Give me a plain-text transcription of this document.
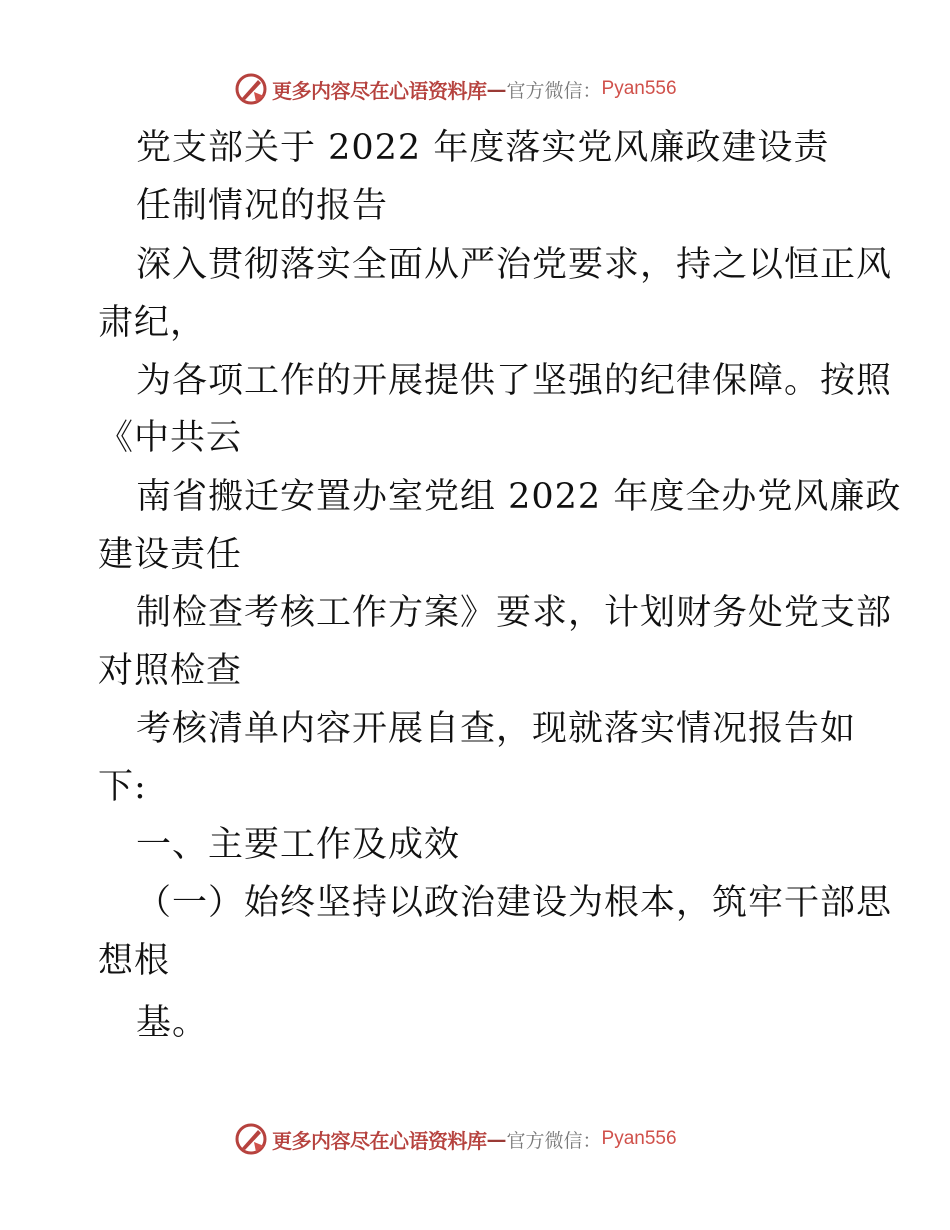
更多内容尽在心语资料库 — 官方微信： Pyan556
党支部关于 2022 年度落实党风廉政建设责
任制情况的报告
深入贯彻落实全面从严治党要求，持之以恒正风
肃纪，
为各项工作的开展提供了坚强的纪律保障。按照
《中共云
南省搬迁安置办室党组 2022 年度全办党风廉政
建设责任
制检查考核工作方案》要求，计划财务处党支部
对照检查
考核清单内容开展自查，现就落实情况报告如
下:
一、主要工作及成效
（一）始终坚持以政治建设为根本，筑牢干部思
想根
基。
更多内容尽在心语资料库 — 官方微信： Pyan556
